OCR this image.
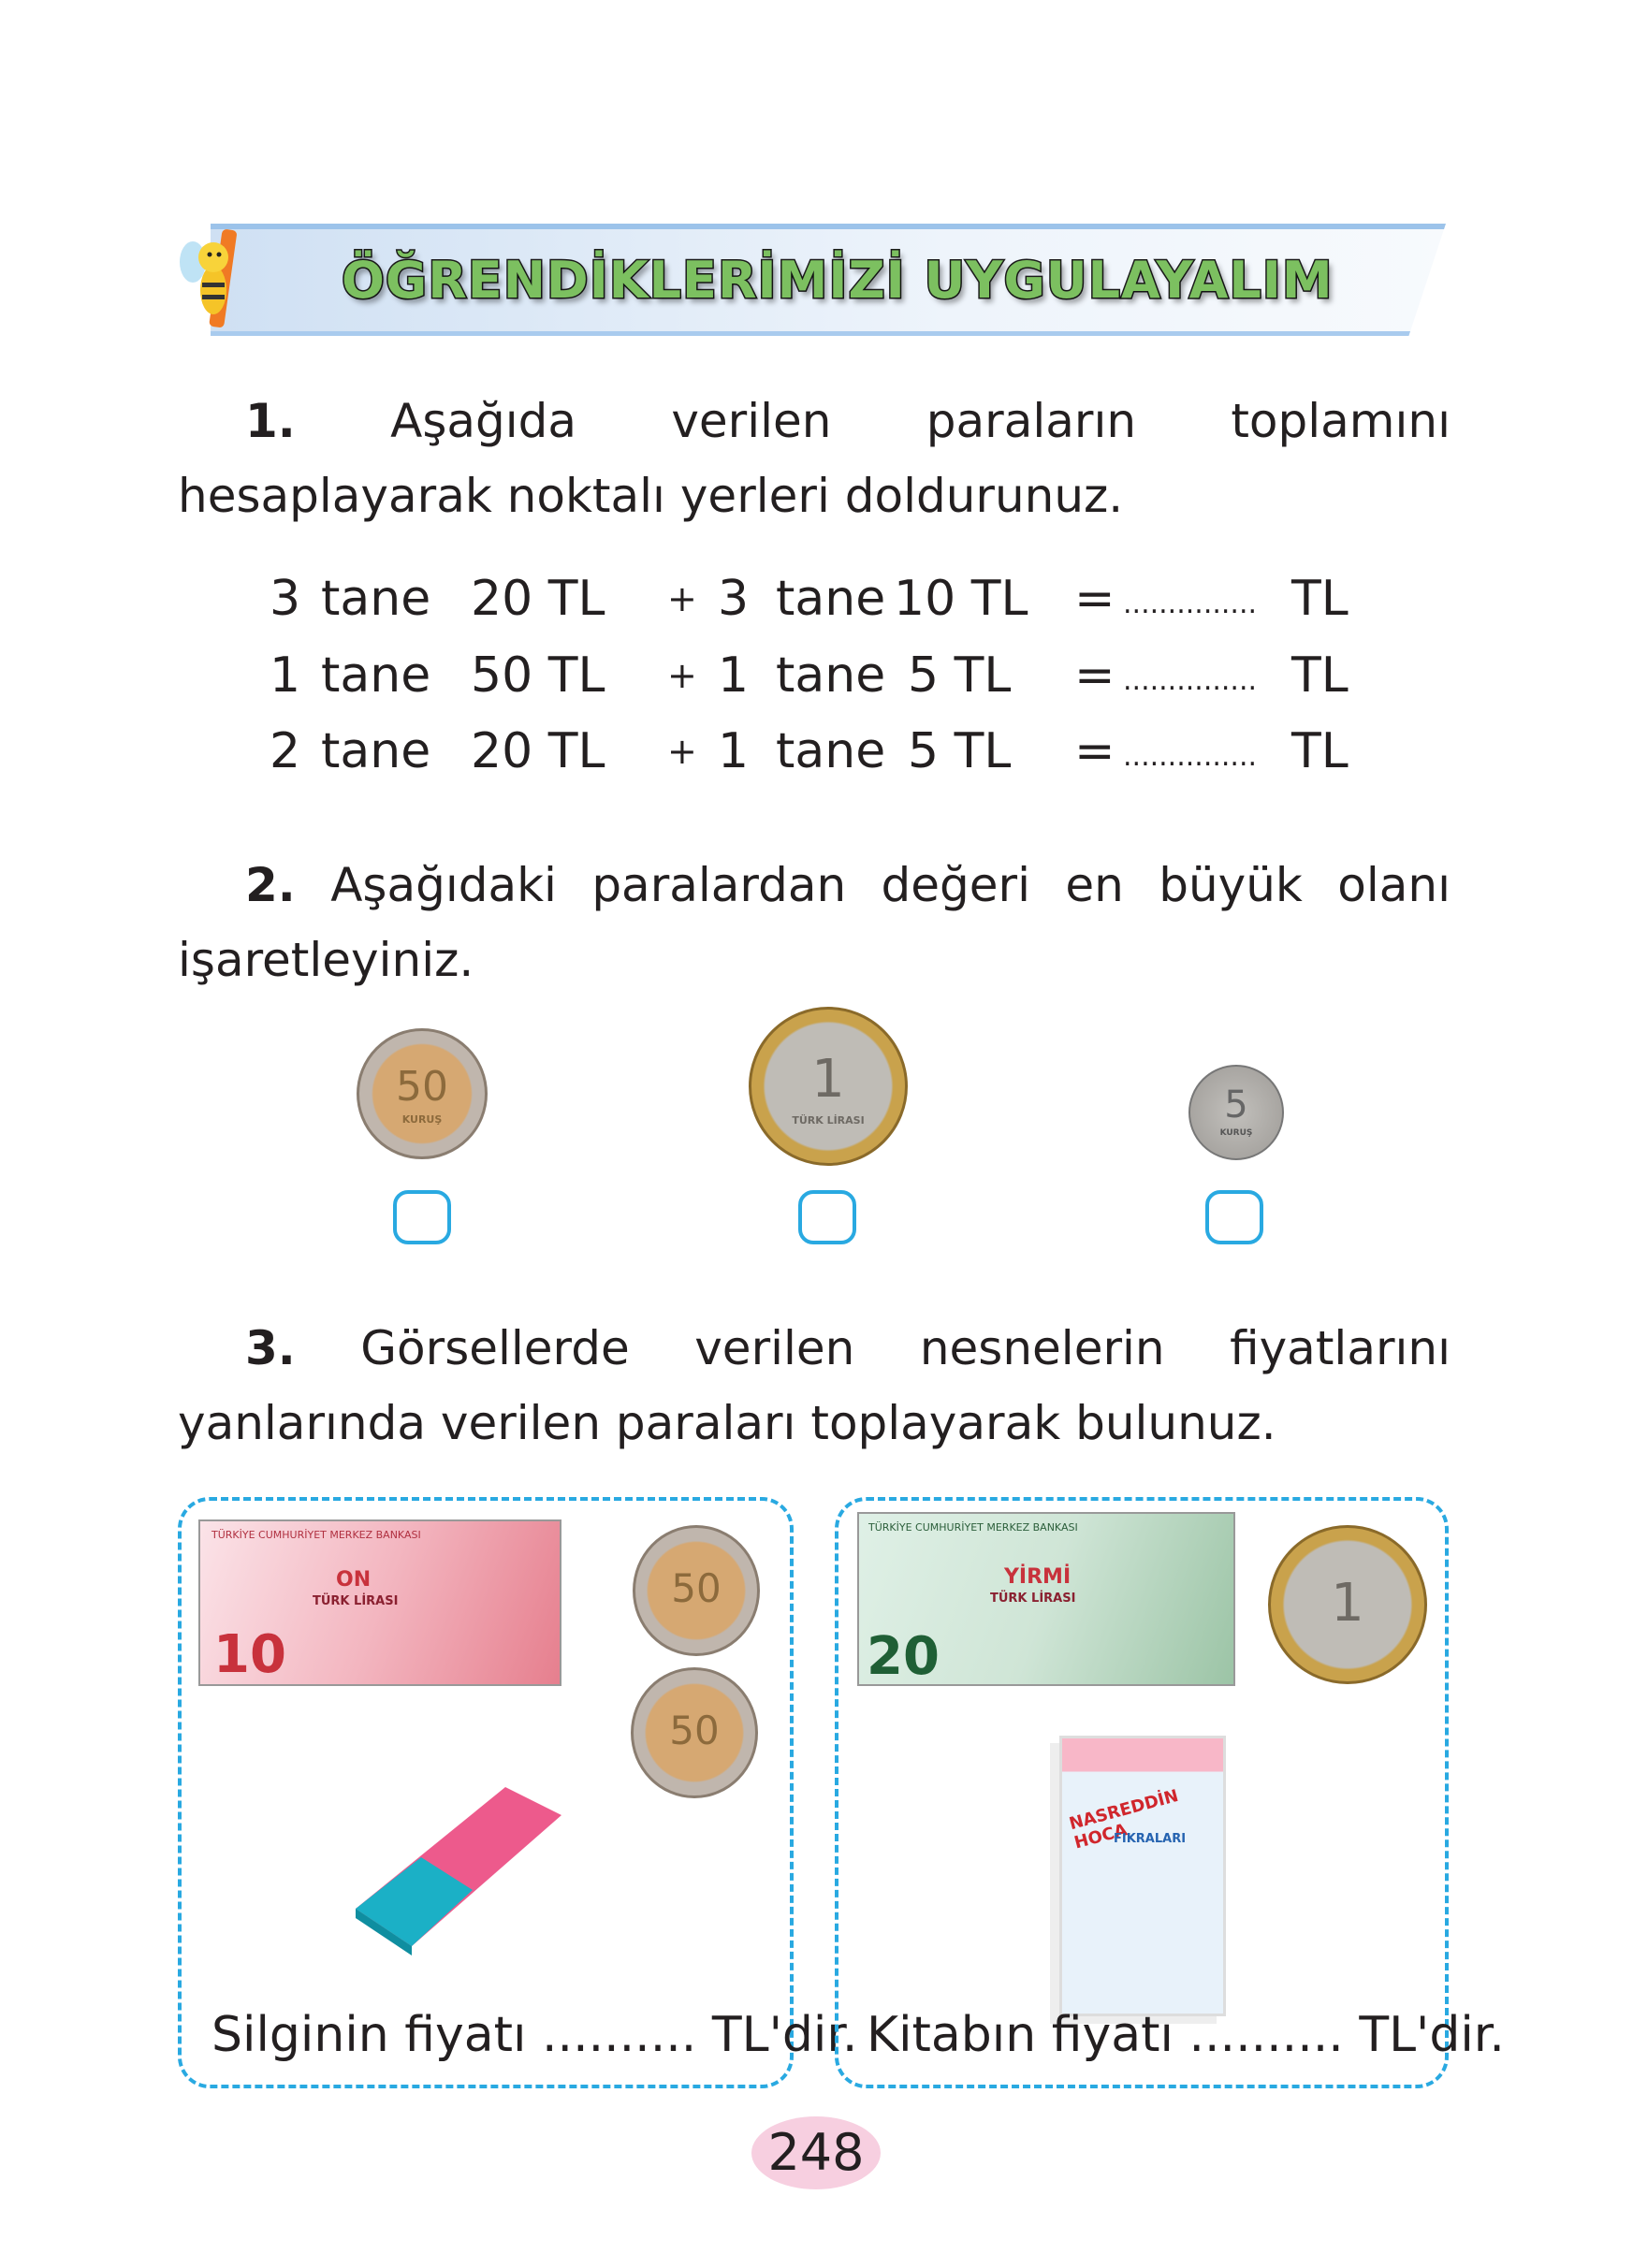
ÖĞRENDİKLERİMİZİ UYGULAYALIM
1. Aşağıda verilen paraların toplamını hesaplayarak noktalı yerleri doldurunuz.
3 tane 20 TL + 3 tane 10 TL = ............... TL
1 tane 50 TL + 1 tane 5 TL = ............... TL
2 tane 20 TL + 1 tane 5 TL = ............... TL
2. Aşağıdaki paralardan değeri en büyük olanı işaretleyiniz.
50
KURUŞ
1
TÜRK LİRASI	5
KURUŞ
3. Görsellerde verilen nesnelerin fiyatlarını yanlarında verilen paraları toplayarak bulunuz.
TÜRKİYE CUMHURİYET MERKEZ BANKASI
10
ON
TÜRK LİRASI	50
50
Silginin fiyatı .......... TL'dir.
TÜRKİYE CUMHURİYET MERKEZ BANKASI
20
YİRMİ
TÜRK LİRASI	1
NASREDDİN HOCA
FIKRALARI
Kitabın fiyatı .......... TL'dir.
248
